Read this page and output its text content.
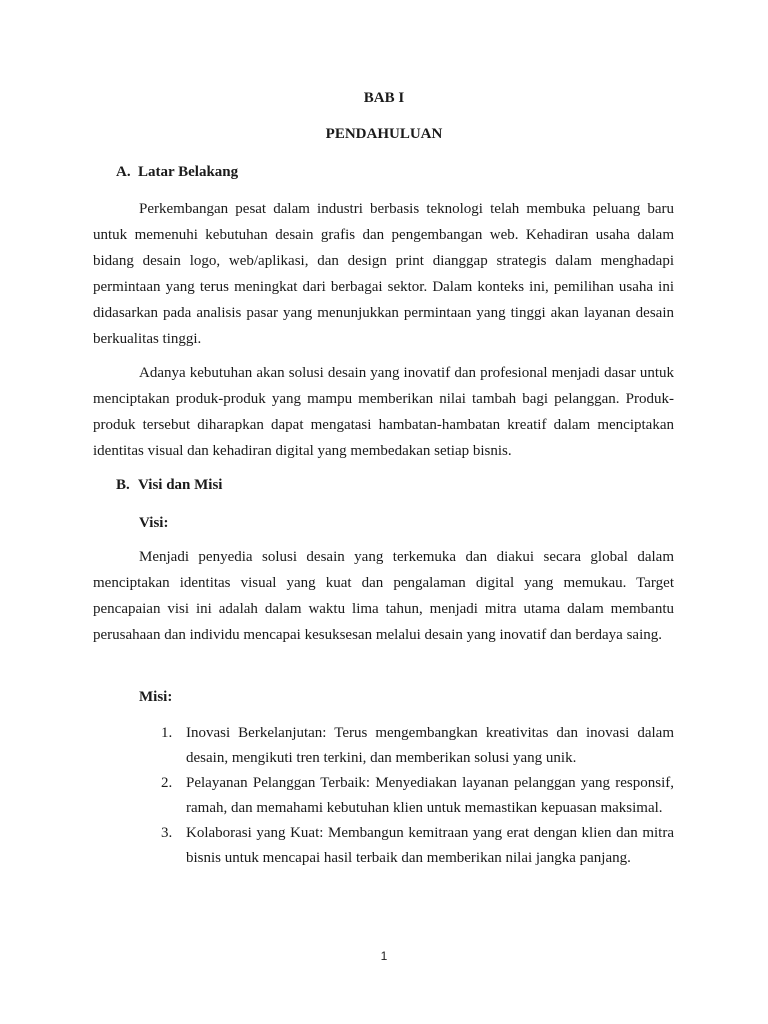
BAB I
PENDAHULUAN
A. Latar Belakang

Perkembangan pesat dalam industri berbasis teknologi telah membuka peluang baru untuk memenuhi kebutuhan desain grafis dan pengembangan web. Kehadiran usaha dalam bidang desain logo, web/aplikasi, dan design print dianggap strategis dalam menghadapi permintaan yang terus meningkat dari berbagai sektor. Dalam konteks ini, pemilihan usaha ini didasarkan pada analisis pasar yang menunjukkan permintaan yang tinggi akan layanan desain berkualitas tinggi.

Adanya kebutuhan akan solusi desain yang inovatif dan profesional menjadi dasar untuk menciptakan produk-produk yang mampu memberikan nilai tambah bagi pelanggan. Produk-produk tersebut diharapkan dapat mengatasi hambatan-hambatan kreatif dalam menciptakan identitas visual dan kehadiran digital yang membedakan setiap bisnis.

B. Visi dan Misi
Visi:

Menjadi penyedia solusi desain yang terkemuka dan diakui secara global dalam menciptakan identitas visual yang kuat dan pengalaman digital yang memukau. Target pencapaian visi ini adalah dalam waktu lima tahun, menjadi mitra utama dalam membantu perusahaan dan individu mencapai kesuksesan melalui desain yang inovatif dan berdaya saing.

Misi:
1. Inovasi Berkelanjutan: Terus mengembangkan kreativitas dan inovasi dalam desain, mengikuti tren terkini, dan memberikan solusi yang unik.
2. Pelayanan Pelanggan Terbaik: Menyediakan layanan pelanggan yang responsif, ramah, dan memahami kebutuhan klien untuk memastikan kepuasan maksimal.
3. Kolaborasi yang Kuat: Membangun kemitraan yang erat dengan klien dan mitra bisnis untuk mencapai hasil terbaik dan memberikan nilai jangka panjang.
1
